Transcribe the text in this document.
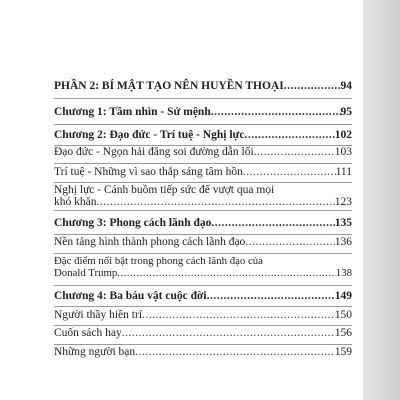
PHẦN 2: BÍ MẬT TẠO NÊN HUYỀN THOẠI .....	94
Chương 1: Tầm nhìn - Sứ mệnh .....	95
Chương 2: Đạo đức - Trí tuệ - Nghị lực .....	102
Đạo đức - Ngọn hải đăng soi đường dẫn lối .....	103
Trí tuệ - Những vì sao thắp sáng tâm hồn .....	111
Nghị lực - Cánh buồm tiếp sức để vượt qua mọi
khó khăn .....	123
Chương 3: Phong cách lãnh đạo .....	135
Nền tảng hình thành phong cách lãnh đạo .....	136
Đặc điểm nổi bật trong phong cách lãnh đạo của
Donald Trump .....	138
Chương 4: Ba báu vật cuộc đời .....	149
Người thầy hiền trí .....	150
Cuốn sách hay .....	156
Những người bạn .....	159
